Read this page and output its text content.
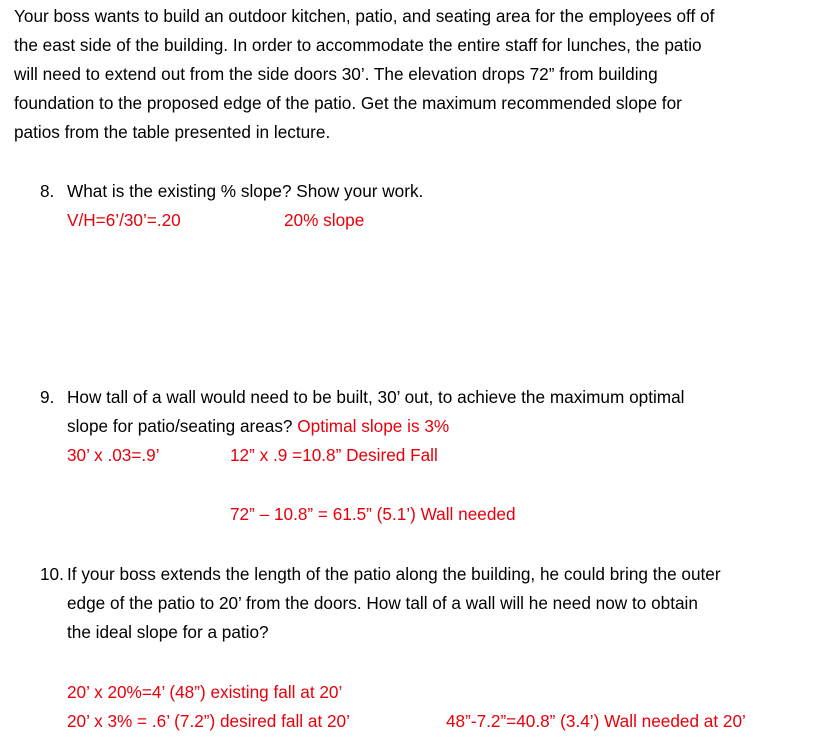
Your boss wants to build an outdoor kitchen, patio, and seating area for the employees off of
the east side of the building. In order to accommodate the entire staff for lunches, the patio
will need to extend out from the side doors 30’. The elevation drops 72” from building
foundation to the proposed edge of the patio. Get the maximum recommended slope for
patios from the table presented in lecture.
8. What is the existing % slope? Show your work.
V/H=6’/30’=.20	20% slope
9. How tall of a wall would need to be built, 30’ out, to achieve the maximum optimal
slope for patio/seating areas? Optimal slope is 3%
30’ x .03=.9’	12” x .9 =10.8” Desired Fall
72” – 10.8” = 61.5” (5.1’) Wall needed
10. If your boss extends the length of the patio along the building, he could bring the outer
edge of the patio to 20’ from the doors. How tall of a wall will he need now to obtain
the ideal slope for a patio?
20’ x 20%=4’ (48”) existing fall at 20’
20’ x 3% = .6’ (7.2”) desired fall at 20’	48”-7.2”=40.8” (3.4’) Wall needed at 20’
